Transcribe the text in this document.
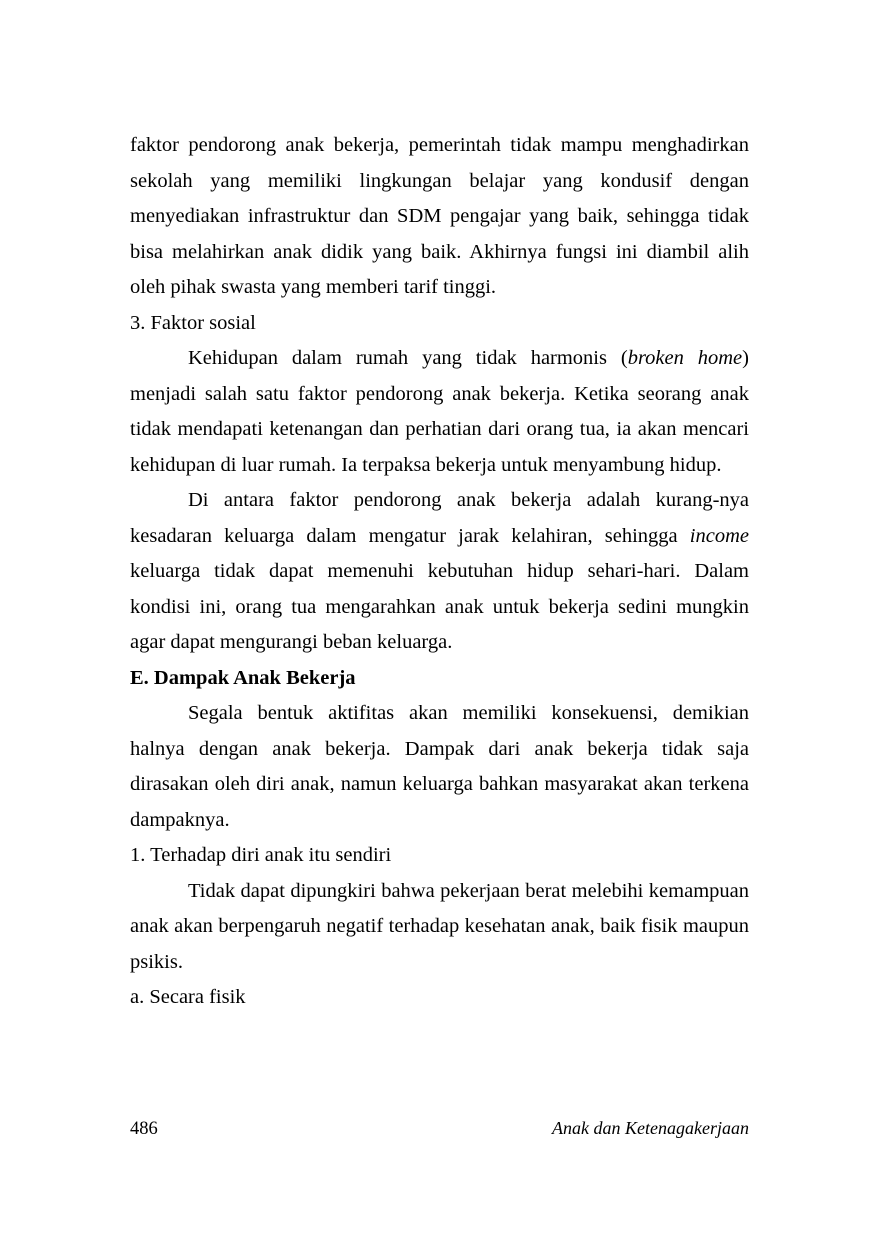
faktor pendorong anak bekerja, pemerintah tidak mampu menghadirkan sekolah yang memiliki lingkungan belajar yang kondusif dengan menyediakan infrastruktur dan SDM pengajar yang baik, sehingga tidak bisa melahirkan anak didik yang baik. Akhirnya fungsi ini diambil alih oleh pihak swasta yang memberi tarif tinggi.

3. Faktor sosial

Kehidupan dalam rumah yang tidak harmonis (broken home) menjadi salah satu faktor pendorong anak bekerja. Ketika seorang anak tidak mendapati ketenangan dan perhatian dari orang tua, ia akan mencari kehidupan di luar rumah. Ia terpaksa bekerja untuk menyambung hidup.

Di antara faktor pendorong anak bekerja adalah kurang-nya kesadaran keluarga dalam mengatur jarak kelahiran, sehingga income keluarga tidak dapat memenuhi kebutuhan hidup sehari-hari. Dalam kondisi ini, orang tua mengarahkan anak untuk bekerja sedini mungkin agar dapat mengurangi beban keluarga.

E. Dampak Anak Bekerja

Segala bentuk aktifitas akan memiliki konsekuensi, demikian halnya dengan anak bekerja. Dampak dari anak bekerja tidak saja dirasakan oleh diri anak, namun keluarga bahkan masyarakat akan terkena dampaknya.

1. Terhadap diri anak itu sendiri

Tidak dapat dipungkiri bahwa pekerjaan berat melebihi kemampuan anak akan berpengaruh negatif terhadap kesehatan anak, baik fisik maupun psikis.

a. Secara fisik

486	Anak dan Ketenagakerjaan
